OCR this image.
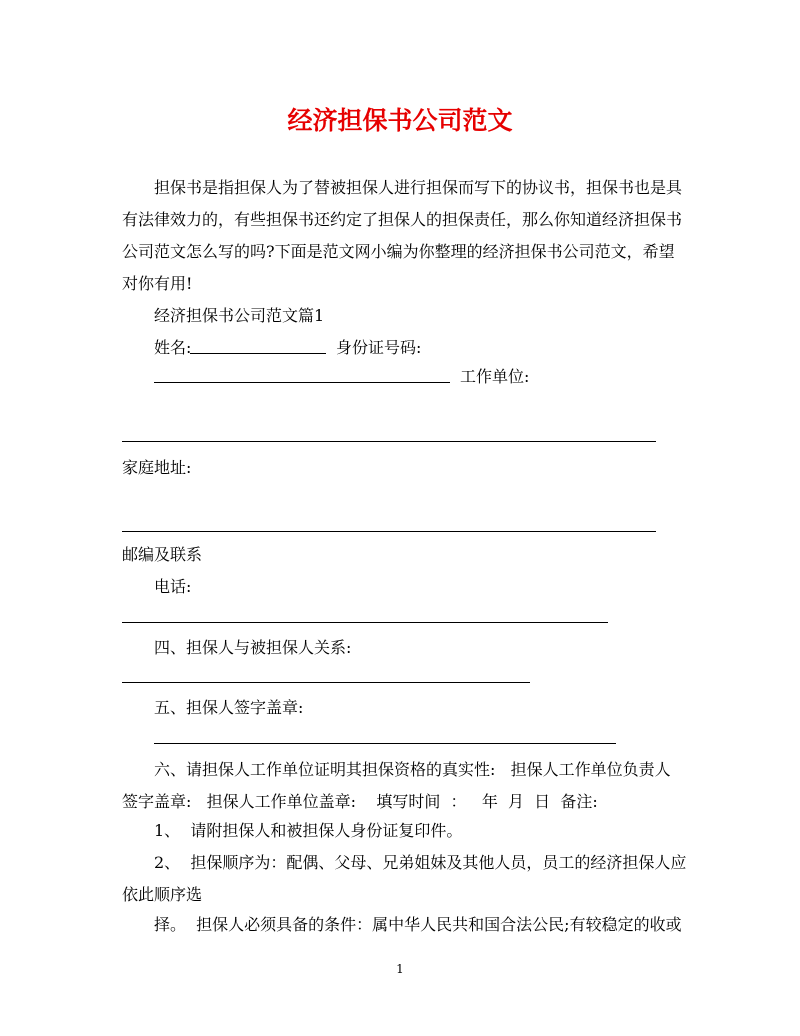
经济担保书公司范文

担保书是指担保人为了替被担保人进行担保而写下的协议书，担保书也是具

有法律效力的，有些担保书还约定了担保人的担保责任，那么你知道经济担保书

公司范文怎么写的吗?下面是范文网小编为你整理的经济担保书公司范文，希望

对你有用!

经济担保书公司范文篇1

姓名:	身份证号码:

工作单位:

家庭地址:

邮编及联系

电话:

四、担保人与被担保人关系:

五、担保人签字盖章:

六、请担保人工作单位证明其担保资格的真实性:   担保人工作单位负责人

签字盖章:   担保人工作单位盖章:    填写时间  ：   年  月  日  备注:

1、  请附担保人和被担保人身份证复印件。

2、  担保顺序为：配偶、父母、兄弟姐妹及其他人员，员工的经济担保人应

依此顺序选

择。  担保人必须具备的条件：属中华人民共和国合法公民;有较稳定的收或

1
